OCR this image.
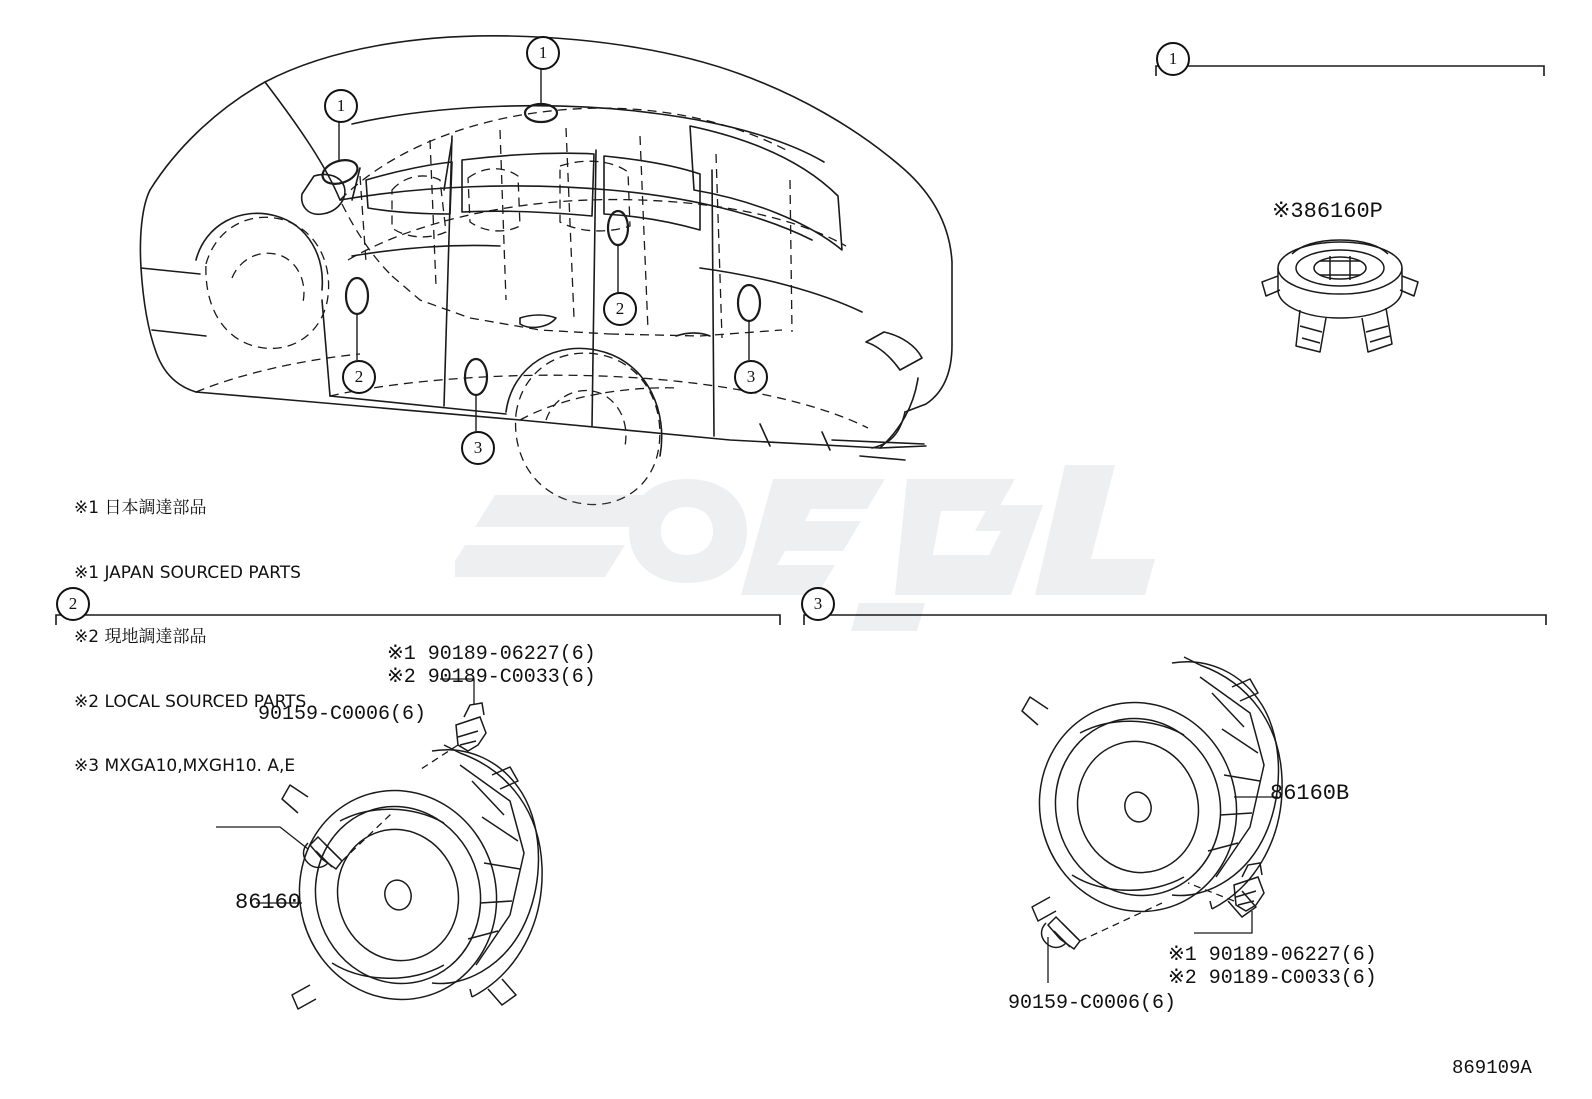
1
1
2
2
3
3

※1 日本調達部品

※1 JAPAN SOURCED PARTS

※2 現地調達部品

※2 LOCAL SOURCED PARTS

※3 MXGA10,MXGH10. A,E

1
※386160P
2
90159-C0006(6)
※1 90189-06227(6)
※2 90189-C0033(6)
86160
3
86160B
※1 90189-06227(6)
※2 90189-C0033(6)
90159-C0006(6)
869109A
